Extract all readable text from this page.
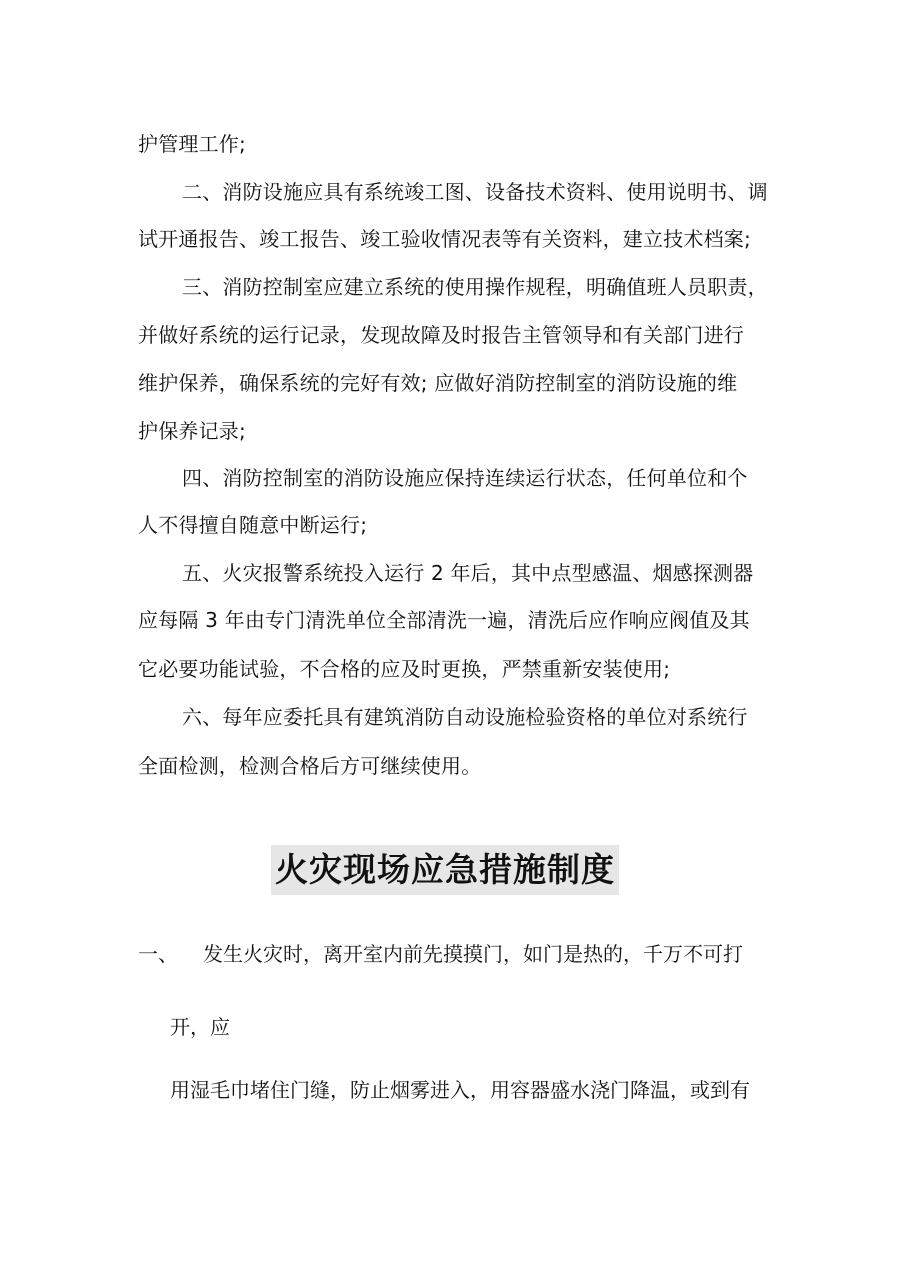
护管理工作;
二、消防设施应具有系统竣工图、设备技术资料、使用说明书、调
试开通报告、竣工报告、竣工验收情况表等有关资料，建立技术档案;
三、消防控制室应建立系统的使用操作规程，明确值班人员职责，
并做好系统的运行记录，发现故障及时报告主管领导和有关部门进行
维护保养，确保系统的完好有效; 应做好消防控制室的消防设施的维
护保养记录;
四、消防控制室的消防设施应保持连续运行状态，任何单位和个
人不得擅自随意中断运行;
五、火灾报警系统投入运行 2 年后，其中点型感温、烟感探测器
应每隔 3 年由专门清洗单位全部清洗一遍，清洗后应作响应阀值及其
它必要功能试验，不合格的应及时更换，严禁重新安装使用;
六、每年应委托具有建筑消防自动设施检验资格的单位对系统行
全面检测，检测合格后方可继续使用。
火灾现场应急措施制度
一、 发生火灾时，离开室内前先摸摸门，如门是热的，千万不可打
开，应
用湿毛巾堵住门缝，防止烟雾进入，用容器盛水浇门降温，或到有
